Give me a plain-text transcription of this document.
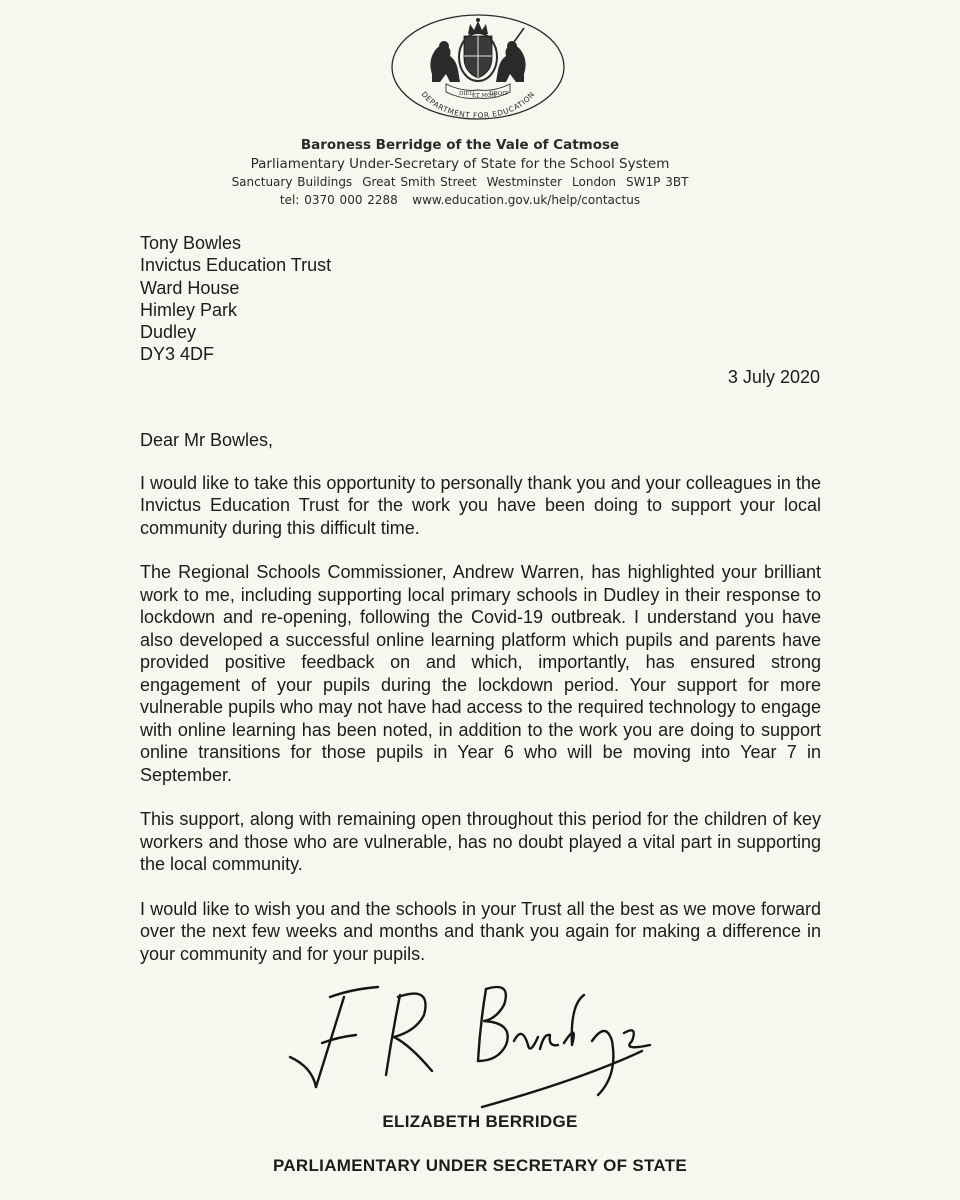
DIEU
ET MON
DROIT
DEPARTMENT FOR EDUCATION
Baroness Berridge of the Vale of Catmose
Parliamentary Under-Secretary of State for the School System
Sanctuary Buildings Great Smith Street Westminster London SW1P 3BT
tel: 0370 000 2288 www.education.gov.uk/help/contactus
Tony Bowles
Invictus Education Trust
Ward House
Himley Park
Dudley
DY3 4DF
3 July 2020
Dear Mr Bowles,

I would like to take this opportunity to personally thank you and your colleagues in the Invictus Education Trust for the work you have been doing to support your local community during this difficult time.

The Regional Schools Commissioner, Andrew Warren, has highlighted your brilliant work to me, including supporting local primary schools in Dudley in their response to lockdown and re-opening, following the Covid-19 outbreak. I understand you have also developed a successful online learning platform which pupils and parents have provided positive feedback on and which, importantly, has ensured strong engagement of your pupils during the lockdown period. Your support for more vulnerable pupils who may not have had access to the required technology to engage with online learning has been noted, in addition to the work you are doing to support online transitions for those pupils in Year 6 who will be moving into Year 7 in September.

This support, along with remaining open throughout this period for the children of key workers and those who are vulnerable, has no doubt played a vital part in supporting the local community.

I would like to wish you and the schools in your Trust all the best as we move forward over the next few weeks and months and thank you again for making a difference in your community and for your pupils.

ELIZABETH BERRIDGE
PARLIAMENTARY UNDER SECRETARY OF STATE
